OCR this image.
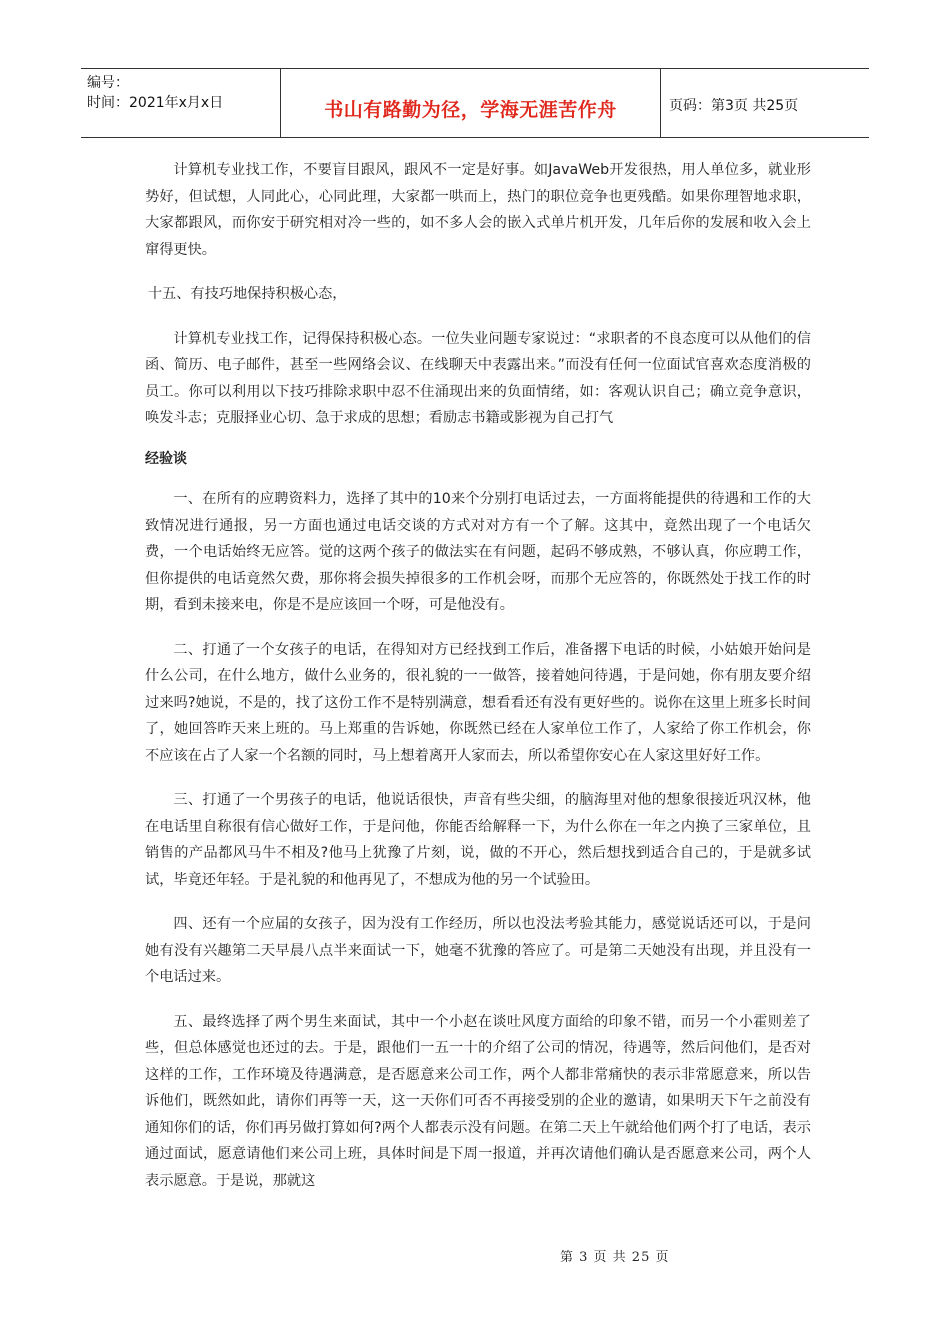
编号：
时间：2021年x月x日	书山有路勤为径，学海无涯苦作舟	页码：第3页 共25页

计算机专业找工作，不要盲目跟风，跟风不一定是好事。如JavaWeb开发很热，用人单位多，就业形势好，但试想，人同此心，心同此理，大家都一哄而上，热门的职位竞争也更残酷。如果你理智地求职，大家都跟风，而你安于研究相对冷一些的，如不多人会的嵌入式单片机开发，几年后你的发展和收入会上窜得更快。

十五、有技巧地保持积极心态，

计算机专业找工作，记得保持积极心态。一位失业问题专家说过：“求职者的不良态度可以从他们的信函、简历、电子邮件，甚至一些网络会议、在线聊天中表露出来。”而没有任何一位面试官喜欢态度消极的员工。你可以利用以下技巧排除求职中忍不住涌现出来的负面情绪，如：客观认识自己；确立竞争意识，唤发斗志；克服择业心切、急于求成的思想；看励志书籍或影视为自己打气

经验谈

一、在所有的应聘资料力，选择了其中的10来个分别打电话过去，一方面将能提供的待遇和工作的大致情况进行通报，另一方面也通过电话交谈的方式对对方有一个了解。这其中，竟然出现了一个电话欠费，一个电话始终无应答。觉的这两个孩子的做法实在有问题，起码不够成熟，不够认真，你应聘工作，但你提供的电话竟然欠费，那你将会损失掉很多的工作机会呀，而那个无应答的，你既然处于找工作的时期，看到未接来电，你是不是应该回一个呀，可是他没有。

二、打通了一个女孩子的电话，在得知对方已经找到工作后，准备撂下电话的时候，小姑娘开始问是什么公司，在什么地方，做什么业务的，很礼貌的一一做答，接着她问待遇，于是问她，你有朋友要介绍过来吗?她说，不是的，找了这份工作不是特别满意，想看看还有没有更好些的。说你在这里上班多长时间了，她回答昨天来上班的。马上郑重的告诉她，你既然已经在人家单位工作了，人家给了你工作机会，你不应该在占了人家一个名额的同时，马上想着离开人家而去，所以希望你安心在人家这里好好工作。

三、打通了一个男孩子的电话，他说话很快，声音有些尖细，的脑海里对他的想象很接近巩汉林，他在电话里自称很有信心做好工作，于是问他，你能否给解释一下，为什么你在一年之内换了三家单位，且销售的产品都风马牛不相及?他马上犹豫了片刻，说，做的不开心，然后想找到适合自己的，于是就多试试，毕竟还年轻。于是礼貌的和他再见了，不想成为他的另一个试验田。

四、还有一个应届的女孩子，因为没有工作经历，所以也没法考验其能力，感觉说话还可以，于是问她有没有兴趣第二天早晨八点半来面试一下，她毫不犹豫的答应了。可是第二天她没有出现，并且没有一个电话过来。

五、最终选择了两个男生来面试，其中一个小赵在谈吐风度方面给的印象不错，而另一个小霍则差了些，但总体感觉也还过的去。于是，跟他们一五一十的介绍了公司的情况，待遇等，然后问他们，是否对这样的工作，工作环境及待遇满意，是否愿意来公司工作，两个人都非常痛快的表示非常愿意来，所以告诉他们，既然如此，请你们再等一天，这一天你们可否不再接受别的企业的邀请，如果明天下午之前没有通知你们的话，你们再另做打算如何?两个人都表示没有问题。在第二天上午就给他们两个打了电话，表示通过面试，愿意请他们来公司上班，具体时间是下周一报道，并再次请他们确认是否愿意来公司，两个人表示愿意。于是说，那就这

第 3 页 共 25 页
